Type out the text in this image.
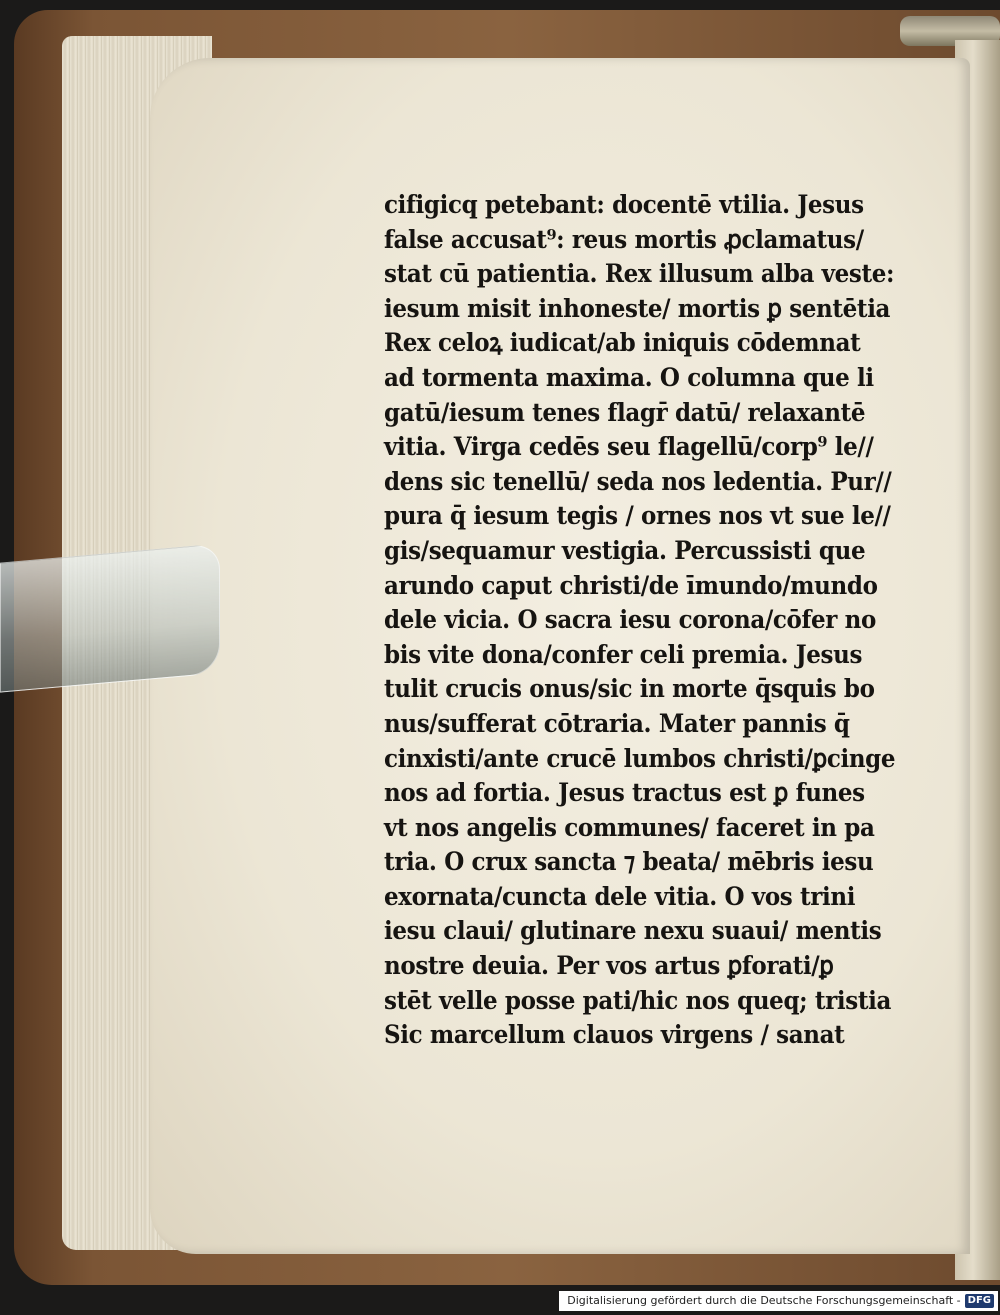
cifigicq petebant: docentē vtilia. Jesus
false accusat⁹: reus mortis ꝓclamatus/
stat cū patientia. Rex illusum alba veste:
iesum misit inhoneste/ mortis ꝑ sentētia
Rex celoꝝ iudicat/ab iniquis cōdemnat
ad tormenta maxima. O columna que li
gatū/iesum tenes flagr̄ datū/ relaxantē
vitia. Virga cedēs seu flagellū/corp⁹ le//
dens sic tenellū/ seda nos ledentia. Pur//
pura q̄ iesum tegis / ornes nos vt sue le//
gis/sequamur vestigia. Percussisti que
arundo caput christi/de īmundo/mundo
dele vicia. O sacra iesu corona/cōfer no
bis vite dona/confer celi premia. Jesus
tulit crucis onus/sic in morte q̄squis bo
nus/sufferat cōtraria. Mater pannis q̄
cinxisti/ante crucē lumbos christi/ꝑcinge
nos ad fortia. Jesus tractus est ꝑ funes
vt nos angelis communes/ faceret in pa
tria. O crux sancta ⁊ beata/ mēbris iesu
exornata/cuncta dele vitia. O vos trini
iesu claui/ glutinare nexu suaui/ mentis
nostre deuia. Per vos artus ꝑforati/ꝑ
stēt velle posse pati/hic nos queq; tristia
Sic marcellum clauos virgens / sanat
Digitalisierung gefördert durch die Deutsche Forschungsgemeinschaft - DFG
